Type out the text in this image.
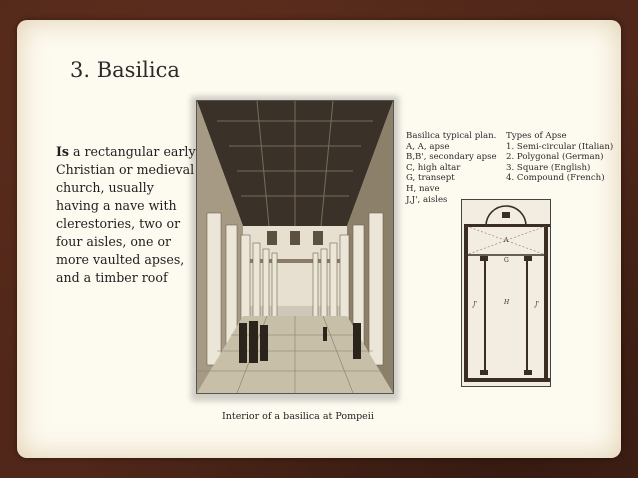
3. Basilica
Is a rectangular early Christian or medieval church, usually having a nave with clerestories, two or four aisles, one or more vaulted apses, and a timber roof
Interior of a basilica at Pompeii
Basilica typical plan.
A, A, apse
B,B', secondary apse
C, high altar
G, transept
H, nave
J,J', aisles
Types of Apse
1. Semi-circular (Italian)
2. Polygonal (German)
3. Square (English)
4. Compound (French)
A
G
H
J'	J'
